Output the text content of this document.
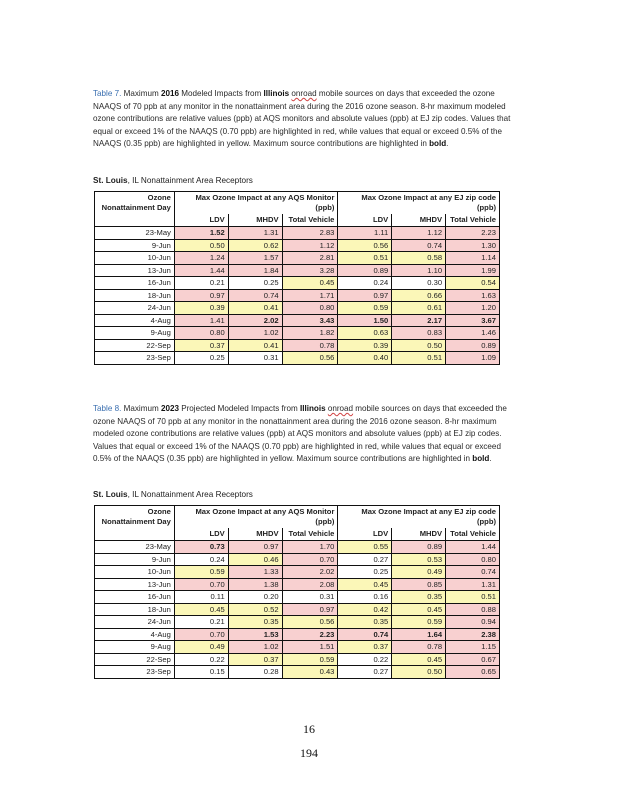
Table 7. Maximum 2016 Modeled Impacts from Illinois onroad mobile sources on days that exceeded the ozone NAAQS of 70 ppb at any monitor in the nonattainment area during the 2016 ozone season. 8-hr maximum modeled ozone contributions are relative values (ppb) at AQS monitors and absolute values (ppb) at EJ zip codes. Values that equal or exceed 1% of the NAAQS (0.70 ppb) are highlighted in red, while values that equal or exceed 0.5% of the NAAQS (0.35 ppb) are highlighted in yellow. Maximum source contributions are highlighted in bold.
St. Louis, IL Nonattainment Area Receptors
Ozone Nonattainment Day	Max Ozone Impact at any AQS Monitor (ppb)			Max Ozone Impact at any EJ zip code (ppb)		
	LDV	MHDV	Total Vehicle	LDV	MHDV	Total Vehicle
23-May	1.52	1.31	2.83	1.11	1.12	2.23
9-Jun	0.50	0.62	1.12	0.56	0.74	1.30
10-Jun	1.24	1.57	2.81	0.51	0.58	1.14
13-Jun	1.44	1.84	3.28	0.89	1.10	1.99
16-Jun	0.21	0.25	0.45	0.24	0.30	0.54
18-Jun	0.97	0.74	1.71	0.97	0.66	1.63
24-Jun	0.39	0.41	0.80	0.59	0.61	1.20
4-Aug	1.41	2.02	3.43	1.50	2.17	3.67
9-Aug	0.80	1.02	1.82	0.63	0.83	1.46
22-Sep	0.37	0.41	0.78	0.39	0.50	0.89
23-Sep	0.25	0.31	0.56	0.40	0.51	1.09
Table 8. Maximum 2023 Projected Modeled Impacts from Illinois onroad mobile sources on days that exceeded the ozone NAAQS of 70 ppb at any monitor in the nonattainment area during the 2016 ozone season. 8-hr maximum modeled ozone contributions are relative values (ppb) at AQS monitors and absolute values (ppb) at EJ zip codes. Values that equal or exceed 1% of the NAAQS (0.70 ppb) are highlighted in red, while values that equal or exceed 0.5% of the NAAQS (0.35 ppb) are highlighted in yellow. Maximum source contributions are highlighted in bold.
St. Louis, IL Nonattainment Area Receptors
Ozone Nonattainment Day	Max Ozone Impact at any AQS Monitor (ppb)			Max Ozone Impact at any EJ zip code (ppb)		
	LDV	MHDV	Total Vehicle	LDV	MHDV	Total Vehicle
23-May	0.73	0.97	1.70	0.55	0.89	1.44
9-Jun	0.24	0.46	0.70	0.27	0.53	0.80
10-Jun	0.59	1.33	2.02	0.25	0.49	0.74
13-Jun	0.70	1.38	2.08	0.45	0.85	1.31
16-Jun	0.11	0.20	0.31	0.16	0.35	0.51
18-Jun	0.45	0.52	0.97	0.42	0.45	0.88
24-Jun	0.21	0.35	0.56	0.35	0.59	0.94
4-Aug	0.70	1.53	2.23	0.74	1.64	2.38
9-Aug	0.49	1.02	1.51	0.37	0.78	1.15
22-Sep	0.22	0.37	0.59	0.22	0.45	0.67
23-Sep	0.15	0.28	0.43	0.27	0.50	0.65
16
194
